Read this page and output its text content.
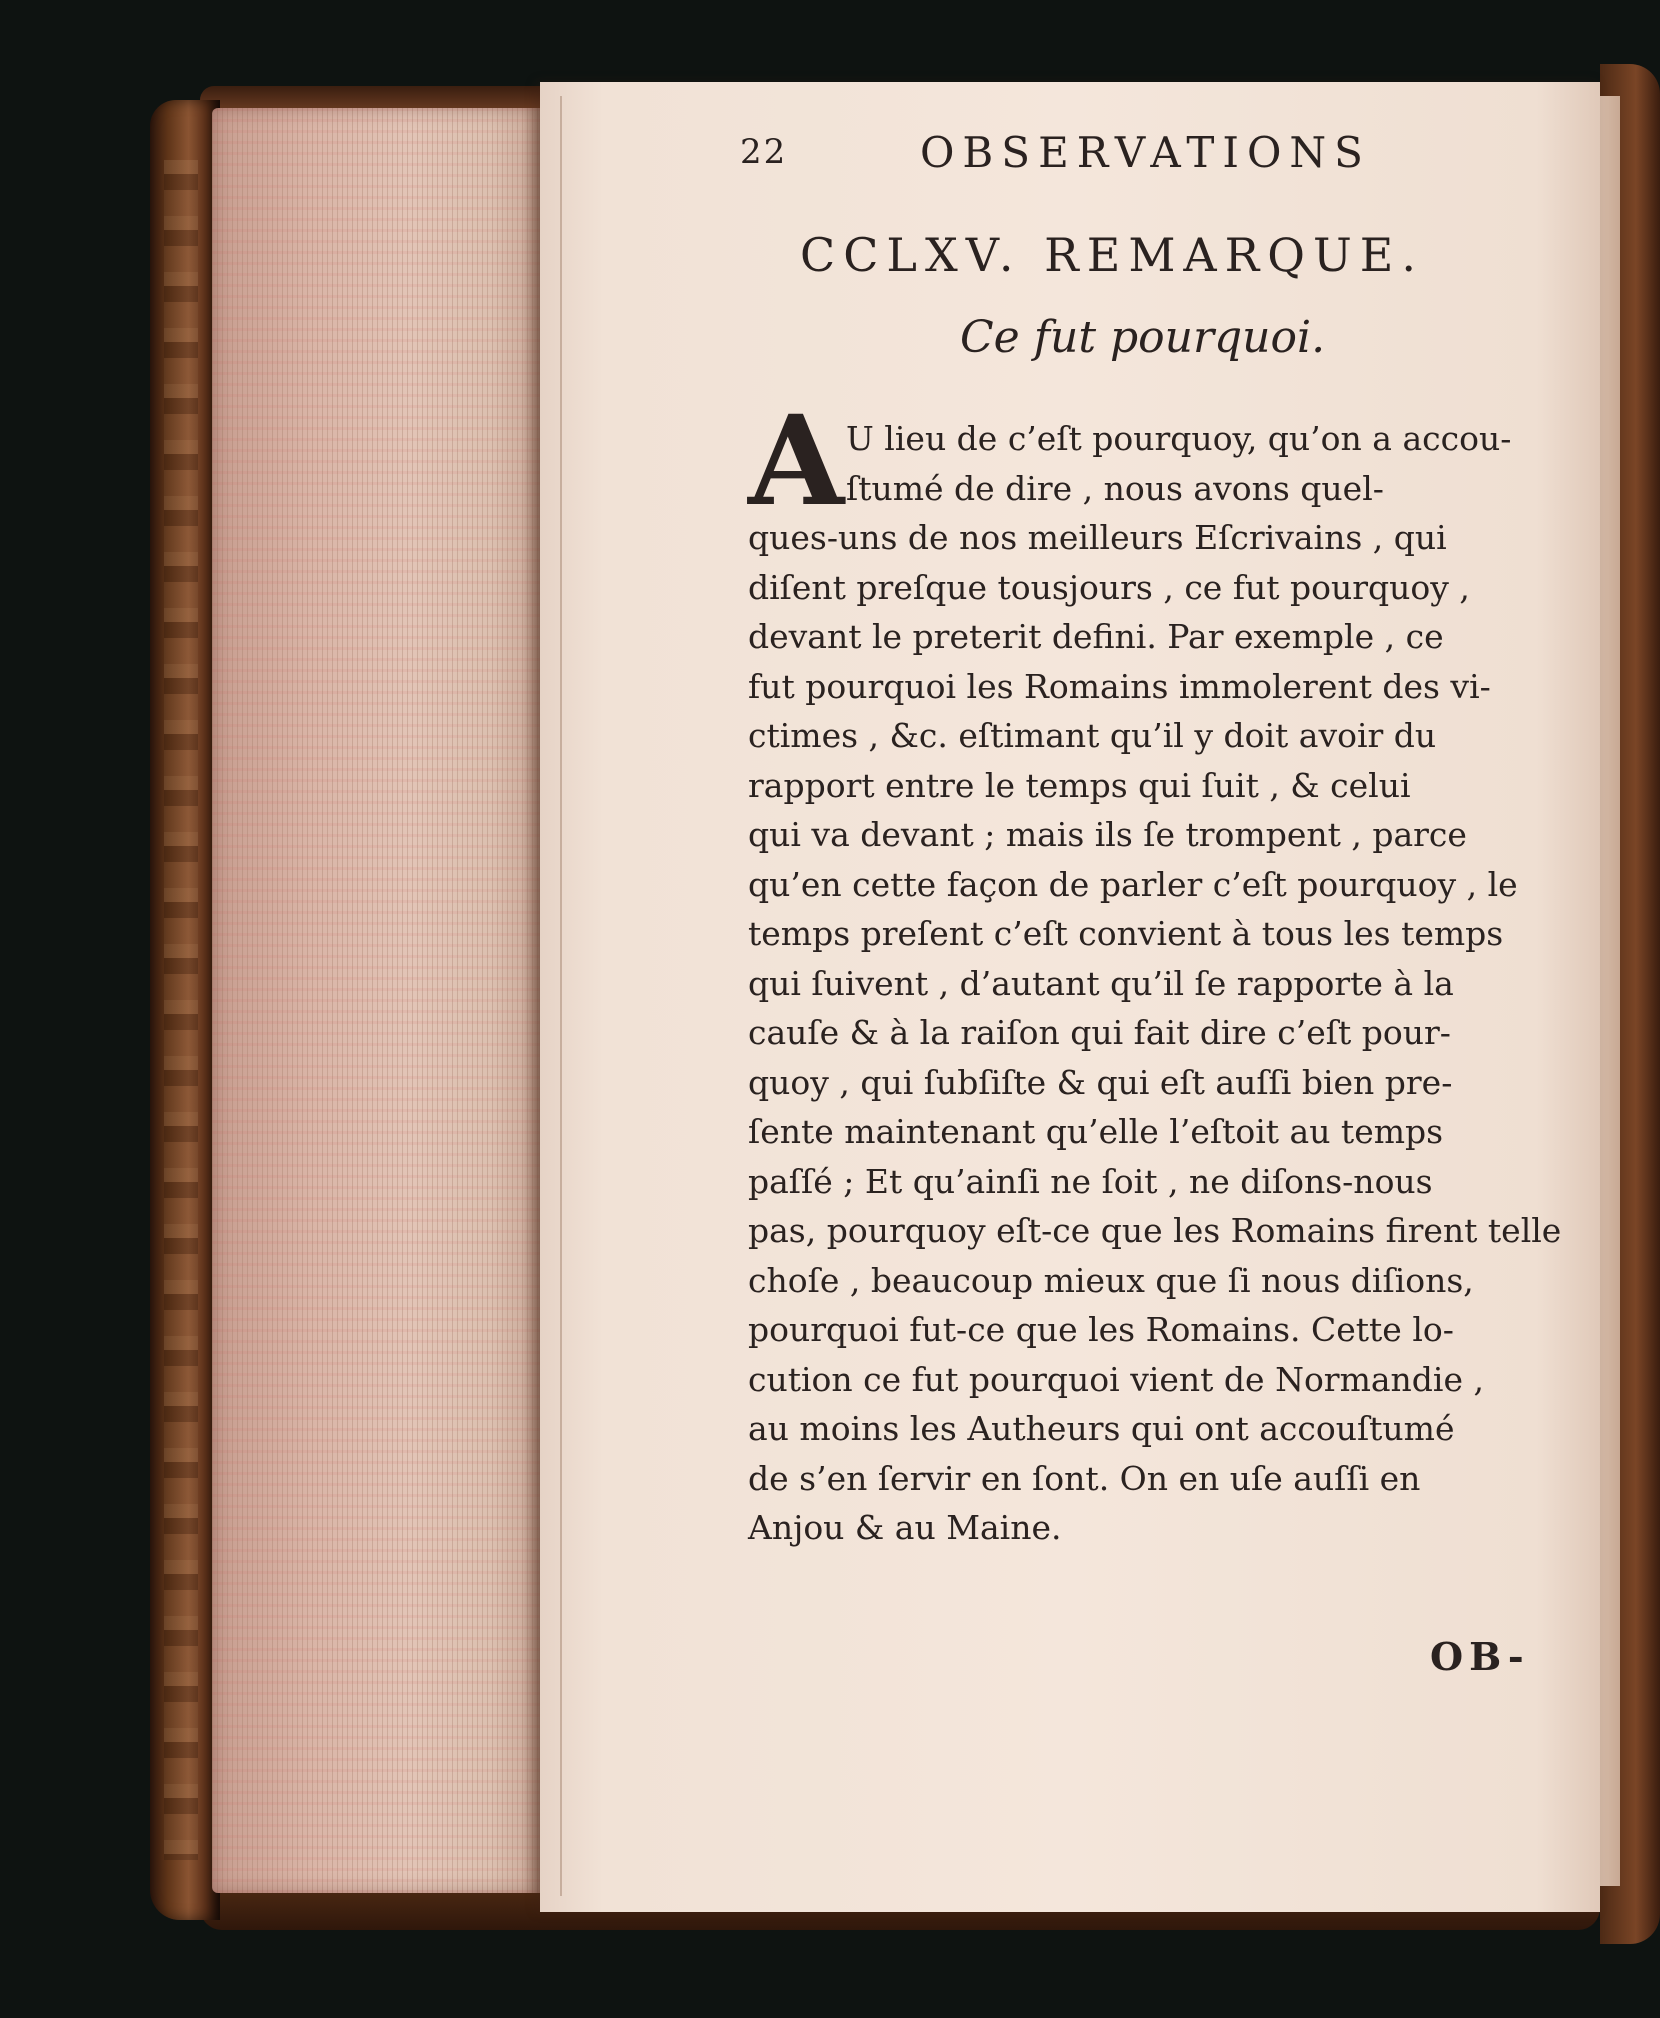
22	OBSERVATIONS
CCLXV. REMARQUE.
Ce fut pourquoi.
A U lieu de c’eſt pourquoy, qu’on a accou-
ſtumé de dire , nous avons quel-
ques-uns de nos meilleurs Eſcrivains , qui
diſent preſque tousjours , ce fut pourquoy ,
devant le preterit defini. Par exemple , ce
fut pourquoi les Romains immolerent des vi-
ctimes , &c. eſtimant qu’il y doit avoir du
rapport entre le temps qui ſuit , & celui
qui va devant ; mais ils ſe trompent , parce
qu’en cette façon de parler c’eſt pourquoy , le
temps preſent c’eſt convient à tous les temps
qui ſuivent , d’autant qu’il ſe rapporte à la
cauſe & à la raiſon qui fait dire c’eſt pour-
quoy , qui ſubſiſte & qui eſt auſſi bien pre-
ſente maintenant qu’elle l’eſtoit au temps
paſſé ; Et qu’ainſi ne ſoit , ne diſons-nous
pas, pourquoy eſt-ce que les Romains firent telle
choſe , beaucoup mieux que ſi nous diſions,
pourquoi fut-ce que les Romains. Cette lo-
cution ce fut pourquoi vient de Normandie ,
au moins les Autheurs qui ont accouſtumé
de s’en ſervir en ſont. On en uſe auſſi en
Anjou & au Maine.
OB-
